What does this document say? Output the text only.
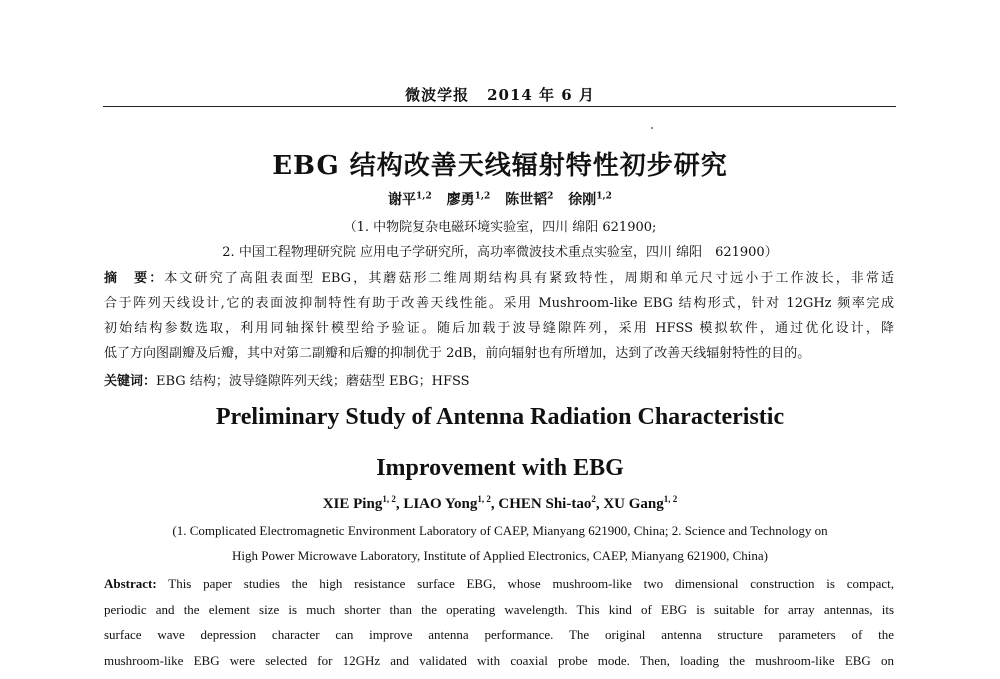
微波学报 2014 年 6 月
EBG 结构改善天线辐射特性初步研究
谢平$^{1,2}$ 廖勇$^{1,2}$ 陈世韬$^2$ 徐刚$^{1,2}$
（1. 中物院复杂电磁环境实验室，四川 绵阳 621900;
2. 中国工程物理研究院 应用电子学研究所，高功率微波技术重点实验室，四川 绵阳　621900）
摘　要：本文研究了高阻表面型 EBG，其蘑菇形二维周期结构具有紧致特性，周期和单元尺寸远小于工作波长，非常适
合于阵列天线设计,它的表面波抑制特性有助于改善天线性能。采用 Mushroom-like EBG 结构形式，针对 12GHz 频率完成
初始结构参数选取，利用同轴探针模型给予验证。随后加载于波导缝隙阵列，采用 HFSS 模拟软件，通过优化设计，降
低了方向图副瓣及后瓣，其中对第二副瓣和后瓣的抑制优于 2dB，前向辐射也有所增加，达到了改善天线辐射特性的目的。
关键词：EBG 结构；波导缝隙阵列天线；蘑菇型 EBG；HFSS
Preliminary Study of Antenna Radiation Characteristic
Improvement with EBG
XIE Ping$^{1, 2}$, LIAO Yong$^{1, 2}$, CHEN Shi-tao$^2$, XU Gang$^{1, 2}$
(1. Complicated Electromagnetic Environment Laboratory of CAEP, Mianyang 621900, China; 2. Science and Technology on
High Power Microwave Laboratory, Institute of Applied Electronics, CAEP, Mianyang 621900, China)
Abstract: This paper studies the high resistance surface EBG, whose mushroom-like two dimensional construction is compact,
periodic and the element size is much shorter than the operating wavelength. This kind of EBG is suitable for array antennas, its
surface wave depression character can improve antenna performance. The original antenna structure parameters of the
mushroom-like EBG were selected for 12GHz and validated with coaxial probe mode. Then, loading the mushroom-like EBG on
